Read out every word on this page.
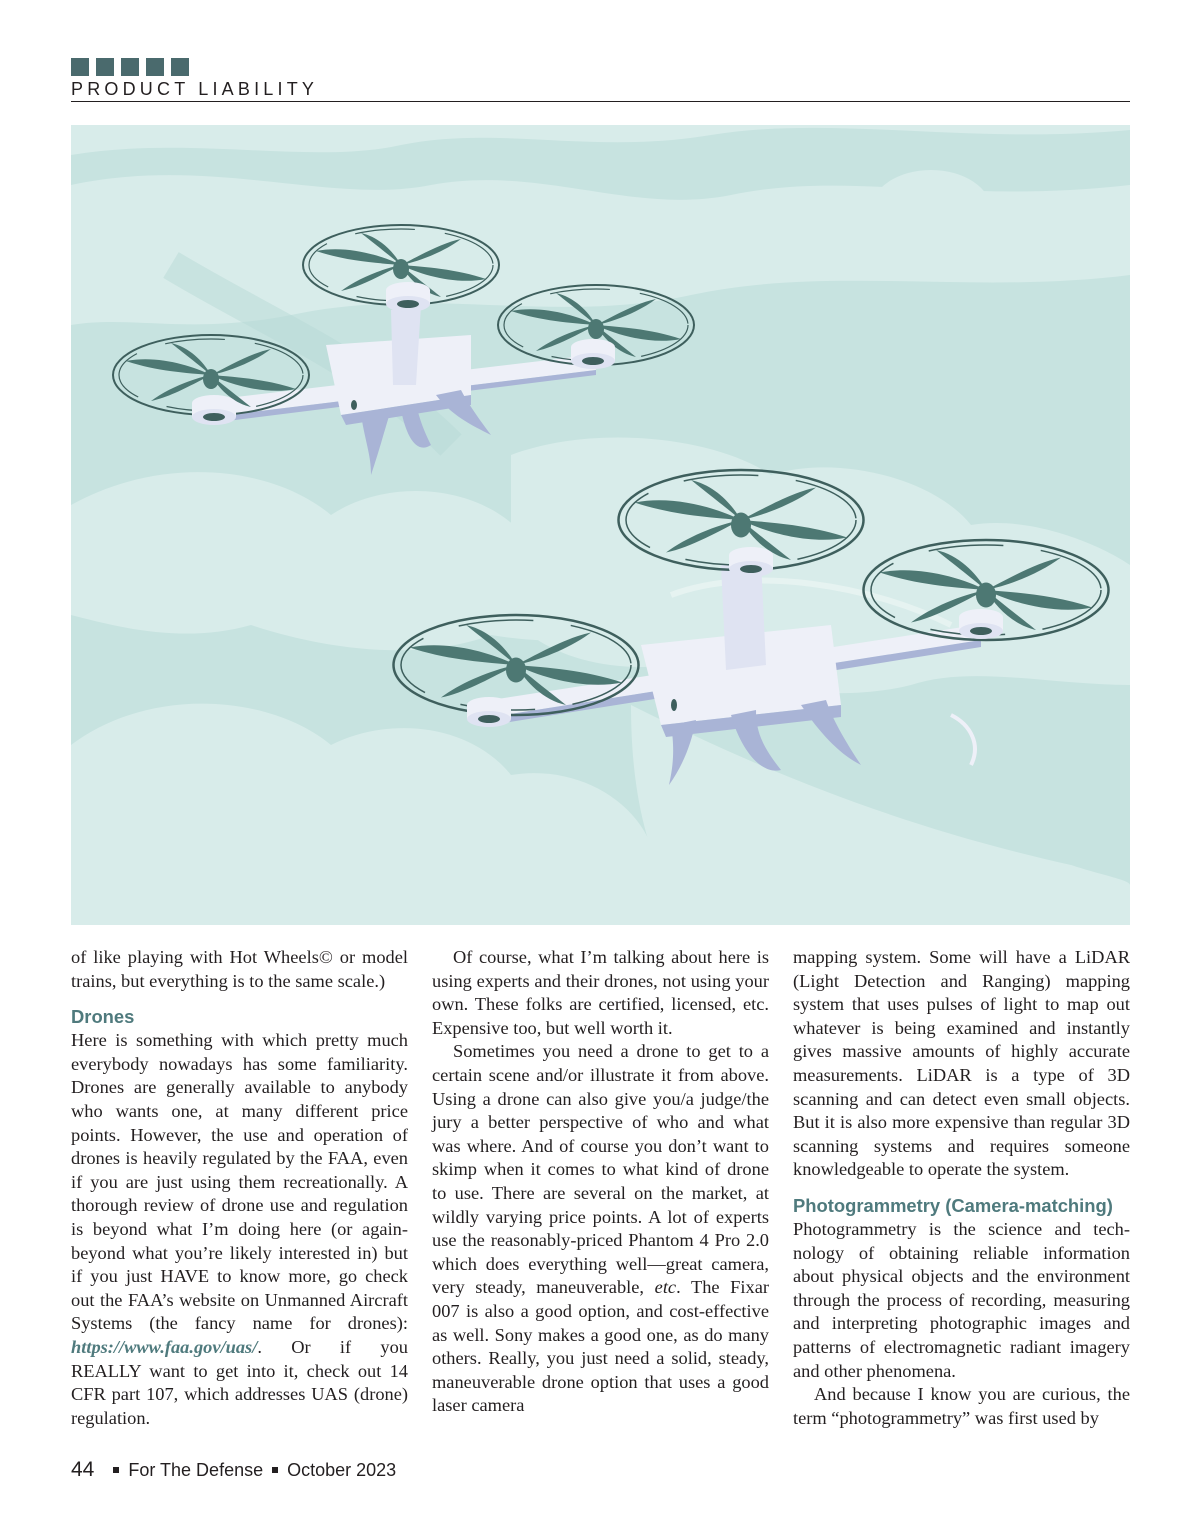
PRODUCT LIABILITY

of like playing with Hot Wheels© or model trains, but everything is to the same scale.)

Drones

Here is something with which pretty much everybody nowadays has some familiarity. Drones are generally available to anybody who wants one, at many different price points. However, the use and operation of drones is heavily regulated by the FAA, even if you are just using them recreationally. A thorough review of drone use and regulation is beyond what I’m doing here (or again- beyond what you’re likely interested in) but if you just HAVE to know more, go check out the FAA’s website on Unmanned Aircraft Systems (the fancy name for drones): https://www.faa.gov/​uas/. Or if you REALLY want to get into it, check out 14 CFR part 107, which addresses UAS (drone) regulation.

Of course, what I’m talking about here is using experts and their drones, not using your own. These folks are certified, licensed, etc. Expensive too, but well worth it.

Sometimes you need a drone to get to a certain scene and/or illustrate it from above. Using a drone can also give you/a judge/the jury a better perspective of who and what was where. And of course you don’t want to skimp when it comes to what kind of drone to use. There are several on the market, at wildly varying price points. A lot of experts use the reasonably-priced Phantom 4 Pro 2.0 which does everything well—great camera, very steady, maneuverable, etc. The Fixar 007 is also a good option, and cost-effective as well. Sony makes a good one, as do many others. Really, you just need a solid, steady, maneuverable drone option that uses a good laser camera

mapping system. Some will have a LiDAR (Light Detection and Ranging) mapping system that uses pulses of light to map out whatever is being examined and instantly gives massive amounts of highly accurate measurements. LiDAR is a type of 3D scanning and can detect even small objects. But it is also more expensive than regular 3D scanning systems and requires someone knowledgeable to operate the system.

Photogrammetry (Camera-matching)

Photogrammetry is the science and technology of obtaining reliable information about physical objects and the environment through the process of recording, measuring and interpreting photographic images and patterns of electromagnetic radiant imagery and other phenomena.

And because I know you are curious, the term “photogrammetry” was first used by

44 For The Defense October 2023
